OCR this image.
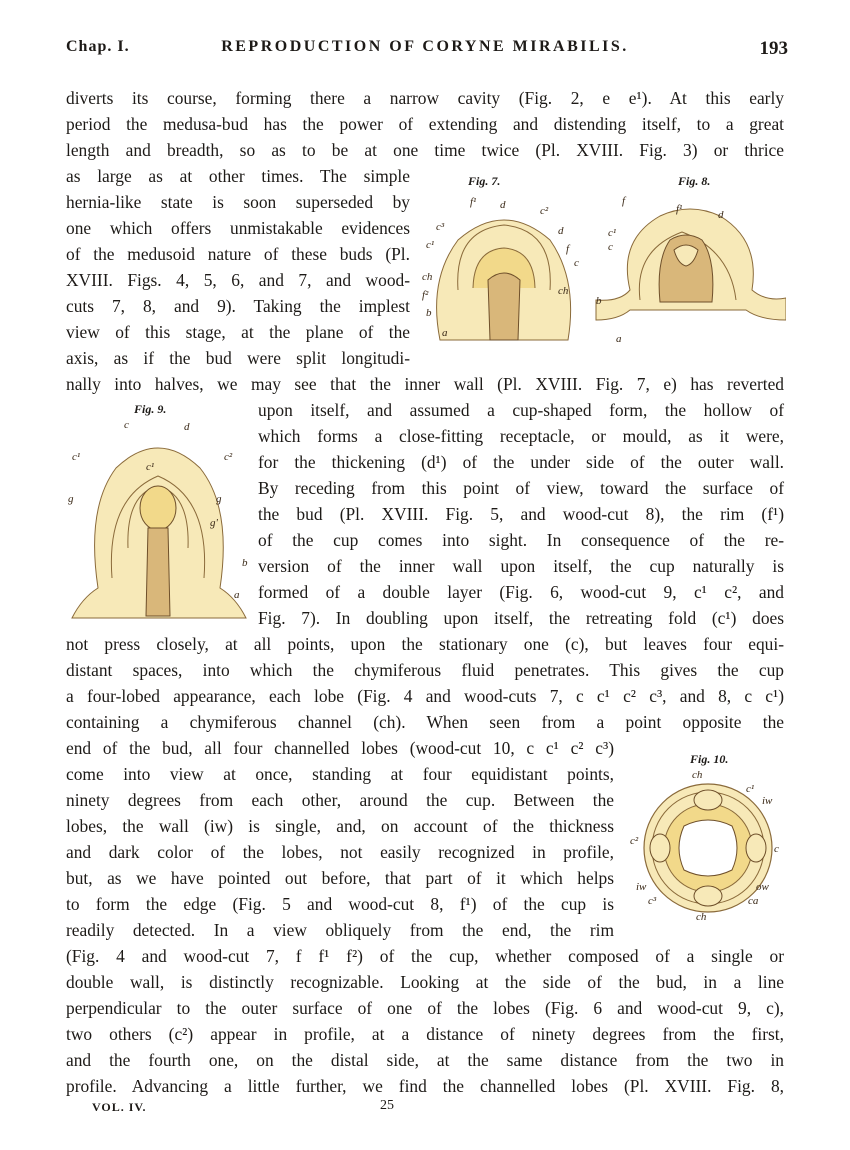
Chap. I.	REPRODUCTION OF CORYNE MIRABILIS.	193
diverts its course, forming there a narrow cavity (Fig. 2, e e¹). At this early
period the medusa-bud has the power of extending and distending itself, to a great
length and breadth, so as to be at one time twice (Pl. XVIII. Fig. 3) or thrice
as large as at other times. The simple
hernia-like state is soon superseded by
one which offers unmistakable evidences
of the medusoid nature of these buds (Pl.
XVIII. Figs. 4, 5, 6, and 7, and wood-
cuts 7, 8, and 9). Taking the implest
view of this stage, at the plane of the
axis, as if the bud were split longitudi-
nally into halves, we may see that the inner wall (Pl. XVIII. Fig. 7, e) has reverted
upon itself, and assumed a cup-shaped form, the hollow of
which forms a close-fitting receptacle, or mould, as it were,
for the thickening (d¹) of the under side of the outer wall.
By receding from this point of view, toward the surface of
the bud (Pl. XVIII. Fig. 5, and wood-cut 8), the rim (f¹)
of the cup comes into sight. In consequence of the re-
version of the inner wall upon itself, the cup naturally is
formed of a double layer (Fig. 6, wood-cut 9, c¹ c², and
Fig. 7). In doubling upon itself, the retreating fold (c¹) does
not press closely, at all points, upon the stationary one (c), but leaves four equi-
distant spaces, into which the chymiferous fluid penetrates. This gives the cup
a four-lobed appearance, each lobe (Fig. 4 and wood-cuts 7, c c¹ c² c³, and 8, c c¹)
containing a chymiferous channel (ch). When seen from a point opposite the
end of the bud, all four channelled lobes (wood-cut 10, c c¹ c² c³)
come into view at once, standing at four equidistant points,
ninety degrees from each other, around the cup. Between the
lobes, the wall (iw) is single, and, on account of the thickness
and dark color of the lobes, not easily recognized in profile,
but, as we have pointed out before, that part of it which helps
to form the edge (Fig. 5 and wood-cut 8, f¹) of the cup is
readily detected. In a view obliquely from the end, the rim
(Fig. 4 and wood-cut 7, f f¹ f²) of the cup, whether composed of a single or
double wall, is distinctly recognizable. Looking at the side of the bud, in a line
perpendicular to the outer surface of one of the lobes (Fig. 6 and wood-cut 9, c),
two others (c²) appear in profile, at a distance of ninety degrees from the first,
and the fourth one, on the distal side, at the same distance from the two in
profile. Advancing a little further, we find the channelled lobes (Pl. XVIII. Fig. 8,
Fig. 7.
f¹ d	c²
c³
c¹
d
f
c
ch
ch
f²
b
a
Fig. 8.
f
f¹	d
c¹
c
b
a
Fig. 9.
c	d
c¹
c¹
c²
g	g
g'
b
a
Fig. 10.
ch
c¹
iw
c²
c
iw
c³
ow
ca
ch
VOL. IV.	25
